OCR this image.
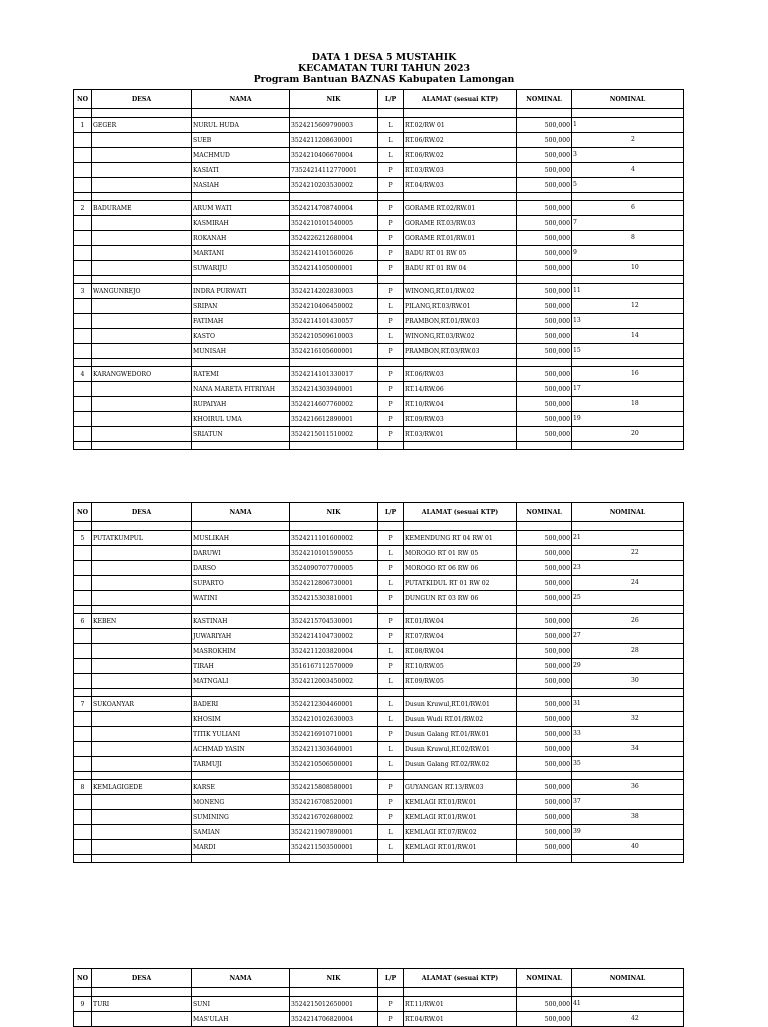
DATA 1 DESA 5 MUSTAHIK
KECAMATAN TURI TAHUN 2023
Program Bantuan BAZNAS Kabupaten Lamongan
NO	DESA	NAMA	NIK	L/P	ALAMAT (sesuai KTP)	NOMINAL	NOMINAL

1	GEGER	NURUL HUDA	3524215609790003	L	RT.02/RW 01	500,000	1

		SUEB	3524211208630001	L	RT.06/RW.02	500,000	2

		MACHMUD	3524210406670004	L	RT.06/RW.02	500,000	3

		KASIATI	73524214112770001	P	RT.03/RW.03	500,000	4

		NASIAH	3524210203530002	P	RT.04/RW.03	500,000	5

2	BADURAME	ARUM WATI	3524214708740004	P	GORAME RT.02/RW.01	500,000	6

		KASMIRAH	3524210101540005	P	GORAME RT.03/RW.03	500,000	7

		ROKANAH	3524226212680004	P	GORAME RT.01/RW.01	500,000	8

		MARTANI	3524214101560026	P	BADU RT 01 RW 05	500,000	9

		SUWARIJU	3524214105000001	P	BADU RT 01 RW 04	500,000	10

3	WANGUNREJO	INDRA PURWATI	3524214202830003	P	WINONG,RT.01/RW.02	500,000	11

		SRIPAN	3524210406450002	L	PILANG,RT.03/RW.01	500,000	12

		FATIMAH	3524214101430057	P	PRAMBON,RT.01/RW.03	500,000	13

		KASTO	3524210509610003	L	WINONG,RT.03/RW.02	500,000	14

		MUNISAH	3524216105600001	P	PRAMBON,RT.03/RW.03	500,000	15

4	KARANGWEDORO	RATEMI	3524214101330017	P	RT.06/RW.03	500,000	16

		NANA MARETA FITRIYAH	3524214303940001	P	RT.14/RW.06	500,000	17

		RUPAIYAH	3524214607760002	P	RT.10/RW.04	500,000	18

		KHOIRUL UMA	3524216612890001	P	RT.09/RW.03	500,000	19

		SRIATUN	3524215011510002	P	RT.03/RW.01	500,000	20

NO	DESA	NAMA	NIK	L/P	ALAMAT (sesuai KTP)	NOMINAL	NOMINAL

5	PUTATKUMPUL	MUSLIKAH	3524211101600002	P	KEMENDUNG RT 04 RW 01	500,000	21

		DARUWI	3524210101590055	L	MOROGO RT 01 RW 05	500,000	22

		DARSO	3524090707700005	P	MOROGO RT 06 RW 06	500,000	23

		SUPARTO	3524212806730001	L	PUTATKIDUL RT 01 RW 02	500,000	24

		WATINI	3524215303810001	P	DUNGUN RT 03 RW 06	500,000	25

6	KEBEN	KASTINAH	3524215704530001	P	RT.01/RW.04	500,000	26

		JUWARIYAH	3524214104730002	P	RT.07/RW.04	500,000	27

		MASROKHIM	3524211203820004	L	RT.08/RW.04	500,000	28

		TIRAH	3516167112570009	P	RT.10/RW.05	500,000	29

		MATNGALI	3524212003450002	L	RT.09/RW.05	500,000	30

7	SUKOANYAR	BADERI	3524212304460001	L	Dusun Kruwul,RT.01/RW.01	500,000	31

		KHOSIM	3524210102630003	L	Dusun Wudi RT.01/RW.02	500,000	32

		TITIK YULIANI	3524216910710001	P	Dusun Galang RT.01/RW.01	500,000	33

		ACHMAD YASIN	3524211303640001	L	Dusun Kruwul,RT.02/RW.01	500,000	34

		TARMUJI	3524210506500001	L	Dusun Galang RT.02/RW.02	500,000	35

8	KEMLAGIGEDE	KARSE	3524215808580001	P	GUYANGAN RT.13/RW.03	500,000	36

		MONENG	3524216708520001	P	KEMLAGI RT.01/RW.01	500,000	37

		SUMINING	3524216702680002	P	KEMLAGI RT.01/RW.01	500,000	38

		SAMIAN	3524211907890001	L	KEMLAGI RT.07/RW.02	500,000	39

		MARDI	3524211503500001	L	KEMLAGI RT.01/RW.01	500,000	40

NO	DESA	NAMA	NIK	L/P	ALAMAT (sesuai KTP)	NOMINAL	NOMINAL

9	TURI	SUNI	3524215012650001	P	RT.11/RW.01	500,000	41

		MAS'ULAH	3524214706820004	P	RT.04/RW.01	500,000	42
